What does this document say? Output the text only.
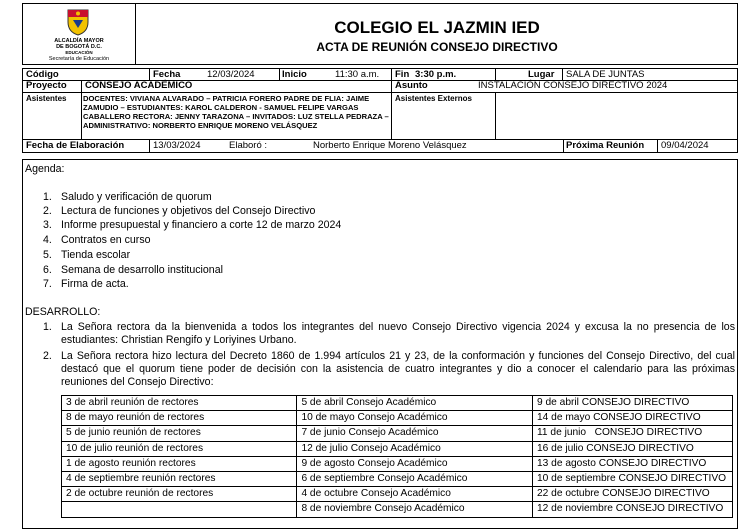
ALCALDÍA MAYOR
DE BOGOTÁ D.C.
EDUCACIÓN
Secretaría de Educación
COLEGIO EL JAZMIN IED
ACTA DE REUNIÓN CONSEJO DIRECTIVO
Código	Fecha	12/03/2024	Inicio	11:30 a.m. Fin 3:30 p.m.	Lugar SALA DE JUNTAS
Proyecto CONSEJO ACADÉMICO	Asunto	INSTALACIÓN CONSEJO DIRECTIVO 2024
Asistentes DOCENTES: VIVIANA ALVARADO – PATRICIA FORERO PADRE DE FLIA: JAIME ZAMUDIO – ESTUDIANTES: KAROL CALDERON - SAMUEL FELIPE VARGAS CABALLERO RECTORA: JENNY TARAZONA – INVITADOS: LUZ STELLA PEDRAZA – ADMINISTRATIVO: NORBERTO ENRIQUE MORENO VELÁSQUEZ
Asistentes Externos
Fecha de Elaboración	13/03/2024	Elaboró :	Norberto Enrique Moreno Velásquez	Próxima Reunión 09/04/2024
Agenda:
1. Saludo y verificación de quorum
2. Lectura de funciones y objetivos del Consejo Directivo
3. Informe presupuestal y financiero a corte 12 de marzo 2024
4. Contratos en curso
5. Tienda escolar
6. Semana de desarrollo institucional
7. Firma de acta.
DESARROLLO:
1. La Señora rectora da la bienvenida a todos los integrantes del nuevo Consejo Directivo vigencia 2024 y excusa la no presencia de los
estudiantes: Christian Rengifo y Loriyines Urbano.
2. La Señora rectora hizo lectura del Decreto 1860 de 1.994 artículos 21 y 23, de la conformación y funciones del Consejo Directivo, del cual
destacó que el quorum tiene poder de decisión con la asistencia de cuatro integrantes y dio a conocer el calendario para las próximas
reuniones del Consejo Directivo:
3 de abril reunión de rectores	5 de abril Consejo Académico	9 de abril CONSEJO DIRECTIVO
8 de mayo reunión de rectores	10 de mayo Consejo Académico	14 de mayo CONSEJO DIRECTIVO
5 de junio reunión de rectores	7 de junio Consejo Académico	11 de junio   CONSEJO DIRECTIVO
10 de julio reunión de rectores	12 de julio Consejo Académico	16 de julio CONSEJO DIRECTIVO
1 de agosto reunión rectores	9 de agosto Consejo Académico	13 de agosto CONSEJO DIRECTIVO
4 de septiembre reunión rectores	6 de septiembre Consejo Académico	10 de septiembre CONSEJO DIRECTIVO
2 de octubre reunión de rectores	4 de octubre Consejo Académico	22 de octubre CONSEJO DIRECTIVO
	8 de noviembre Consejo Académico	12 de noviembre CONSEJO DIRECTIVO
